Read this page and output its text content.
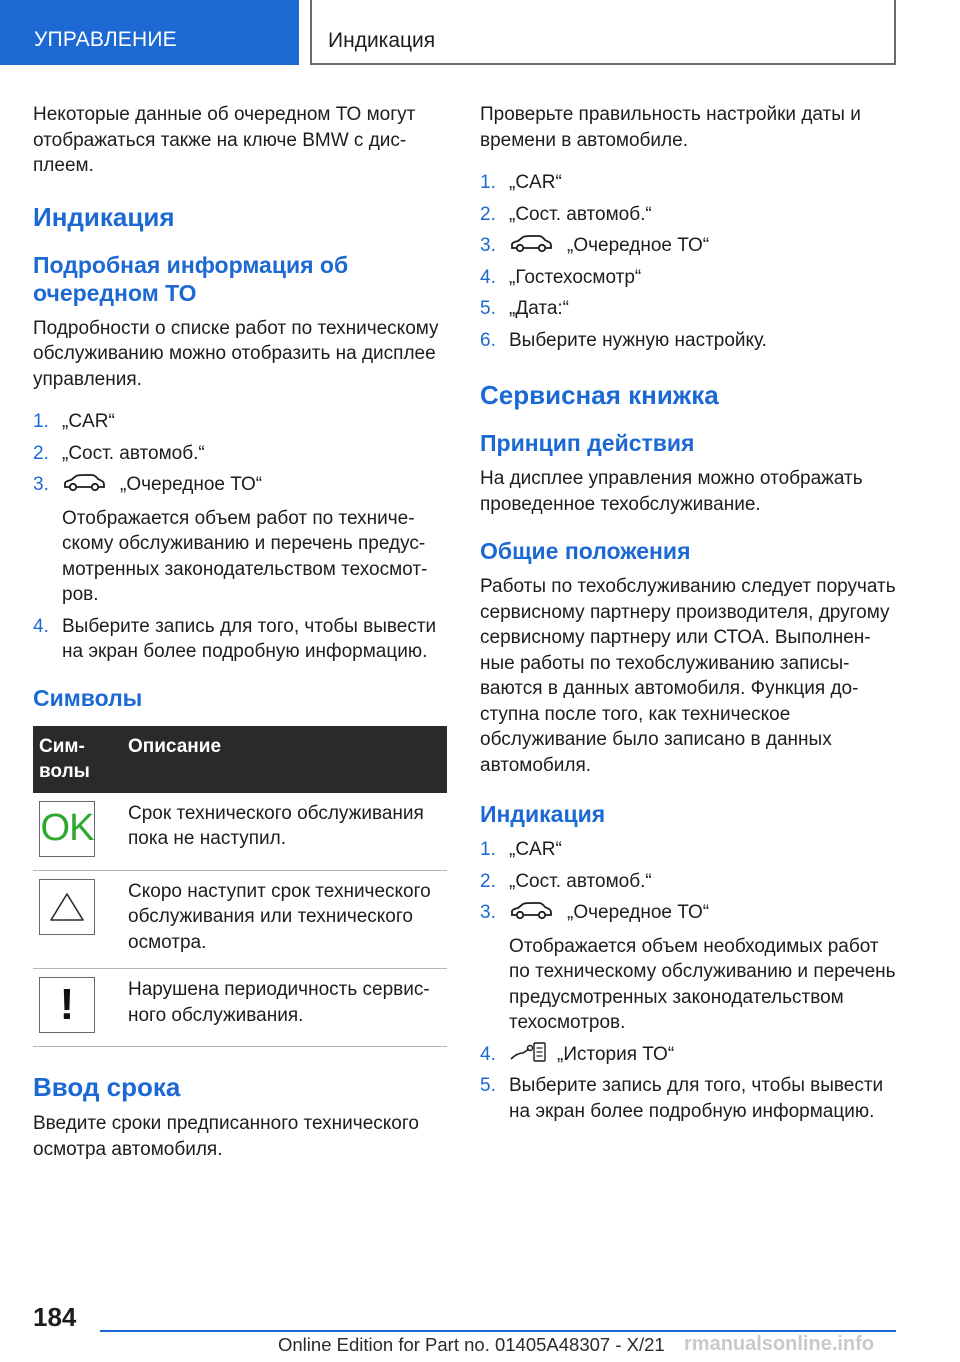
УПРАВЛЕНИЕ	Индикация

Некоторые данные об очередном ТО могут отображаться также на ключе BMW с дисплеем.

Индикация
Подробная информация об очередном ТО

Подробности о списке работ по техническому обслуживанию можно отобразить на дисплее управления.

1. „CAR“
2. „Сост. автомоб.“
3.	„Очередное ТО“
Отображается объем работ по техническому обслуживанию и перечень предусмотренных законодательством техосмотров.
4. Выберите запись для того, чтобы вывести на экран более подробную информацию.
Символы
Символы	Описание

OK	Срок технического обслуживания пока не наступил.

	Скоро наступит срок технического обслуживания или технического осмотра.

!	Нарушена периодичность сервисного обслуживания.
Ввод срока

Введите сроки предписанного технического осмотра автомобиля.

Проверьте правильность настройки даты и времени в автомобиле.

1. „CAR“
2. „Сост. автомоб.“
3.	„Очередное ТО“
4. „Гостехосмотр“
5. „Дата:“
6. Выберите нужную настройку.
Сервисная книжка
Принцип действия

На дисплее управления можно отображать проведенное техобслуживание.

Общие положения

Работы по техобслуживанию следует поручать сервисному партнеру производителя, другому сервисному партнеру или СТОА. Выполненные работы по техобслуживанию записываются в данных автомобиля. Функция доступна после того, как техническое обслуживание было записано в данных автомобиля.

Индикация
1. „CAR“
2. „Сост. автомоб.“
3.	„Очередное ТО“
Отображается объем необходимых работ по техническому обслуживанию и перечень предусмотренных законодательством техосмотров.
4.	„История ТО“
5. Выберите запись для того, чтобы вывести на экран более подробную информацию.
184
Online Edition for Part no. 01405A48307 - X/21 rmanualsonline.info
